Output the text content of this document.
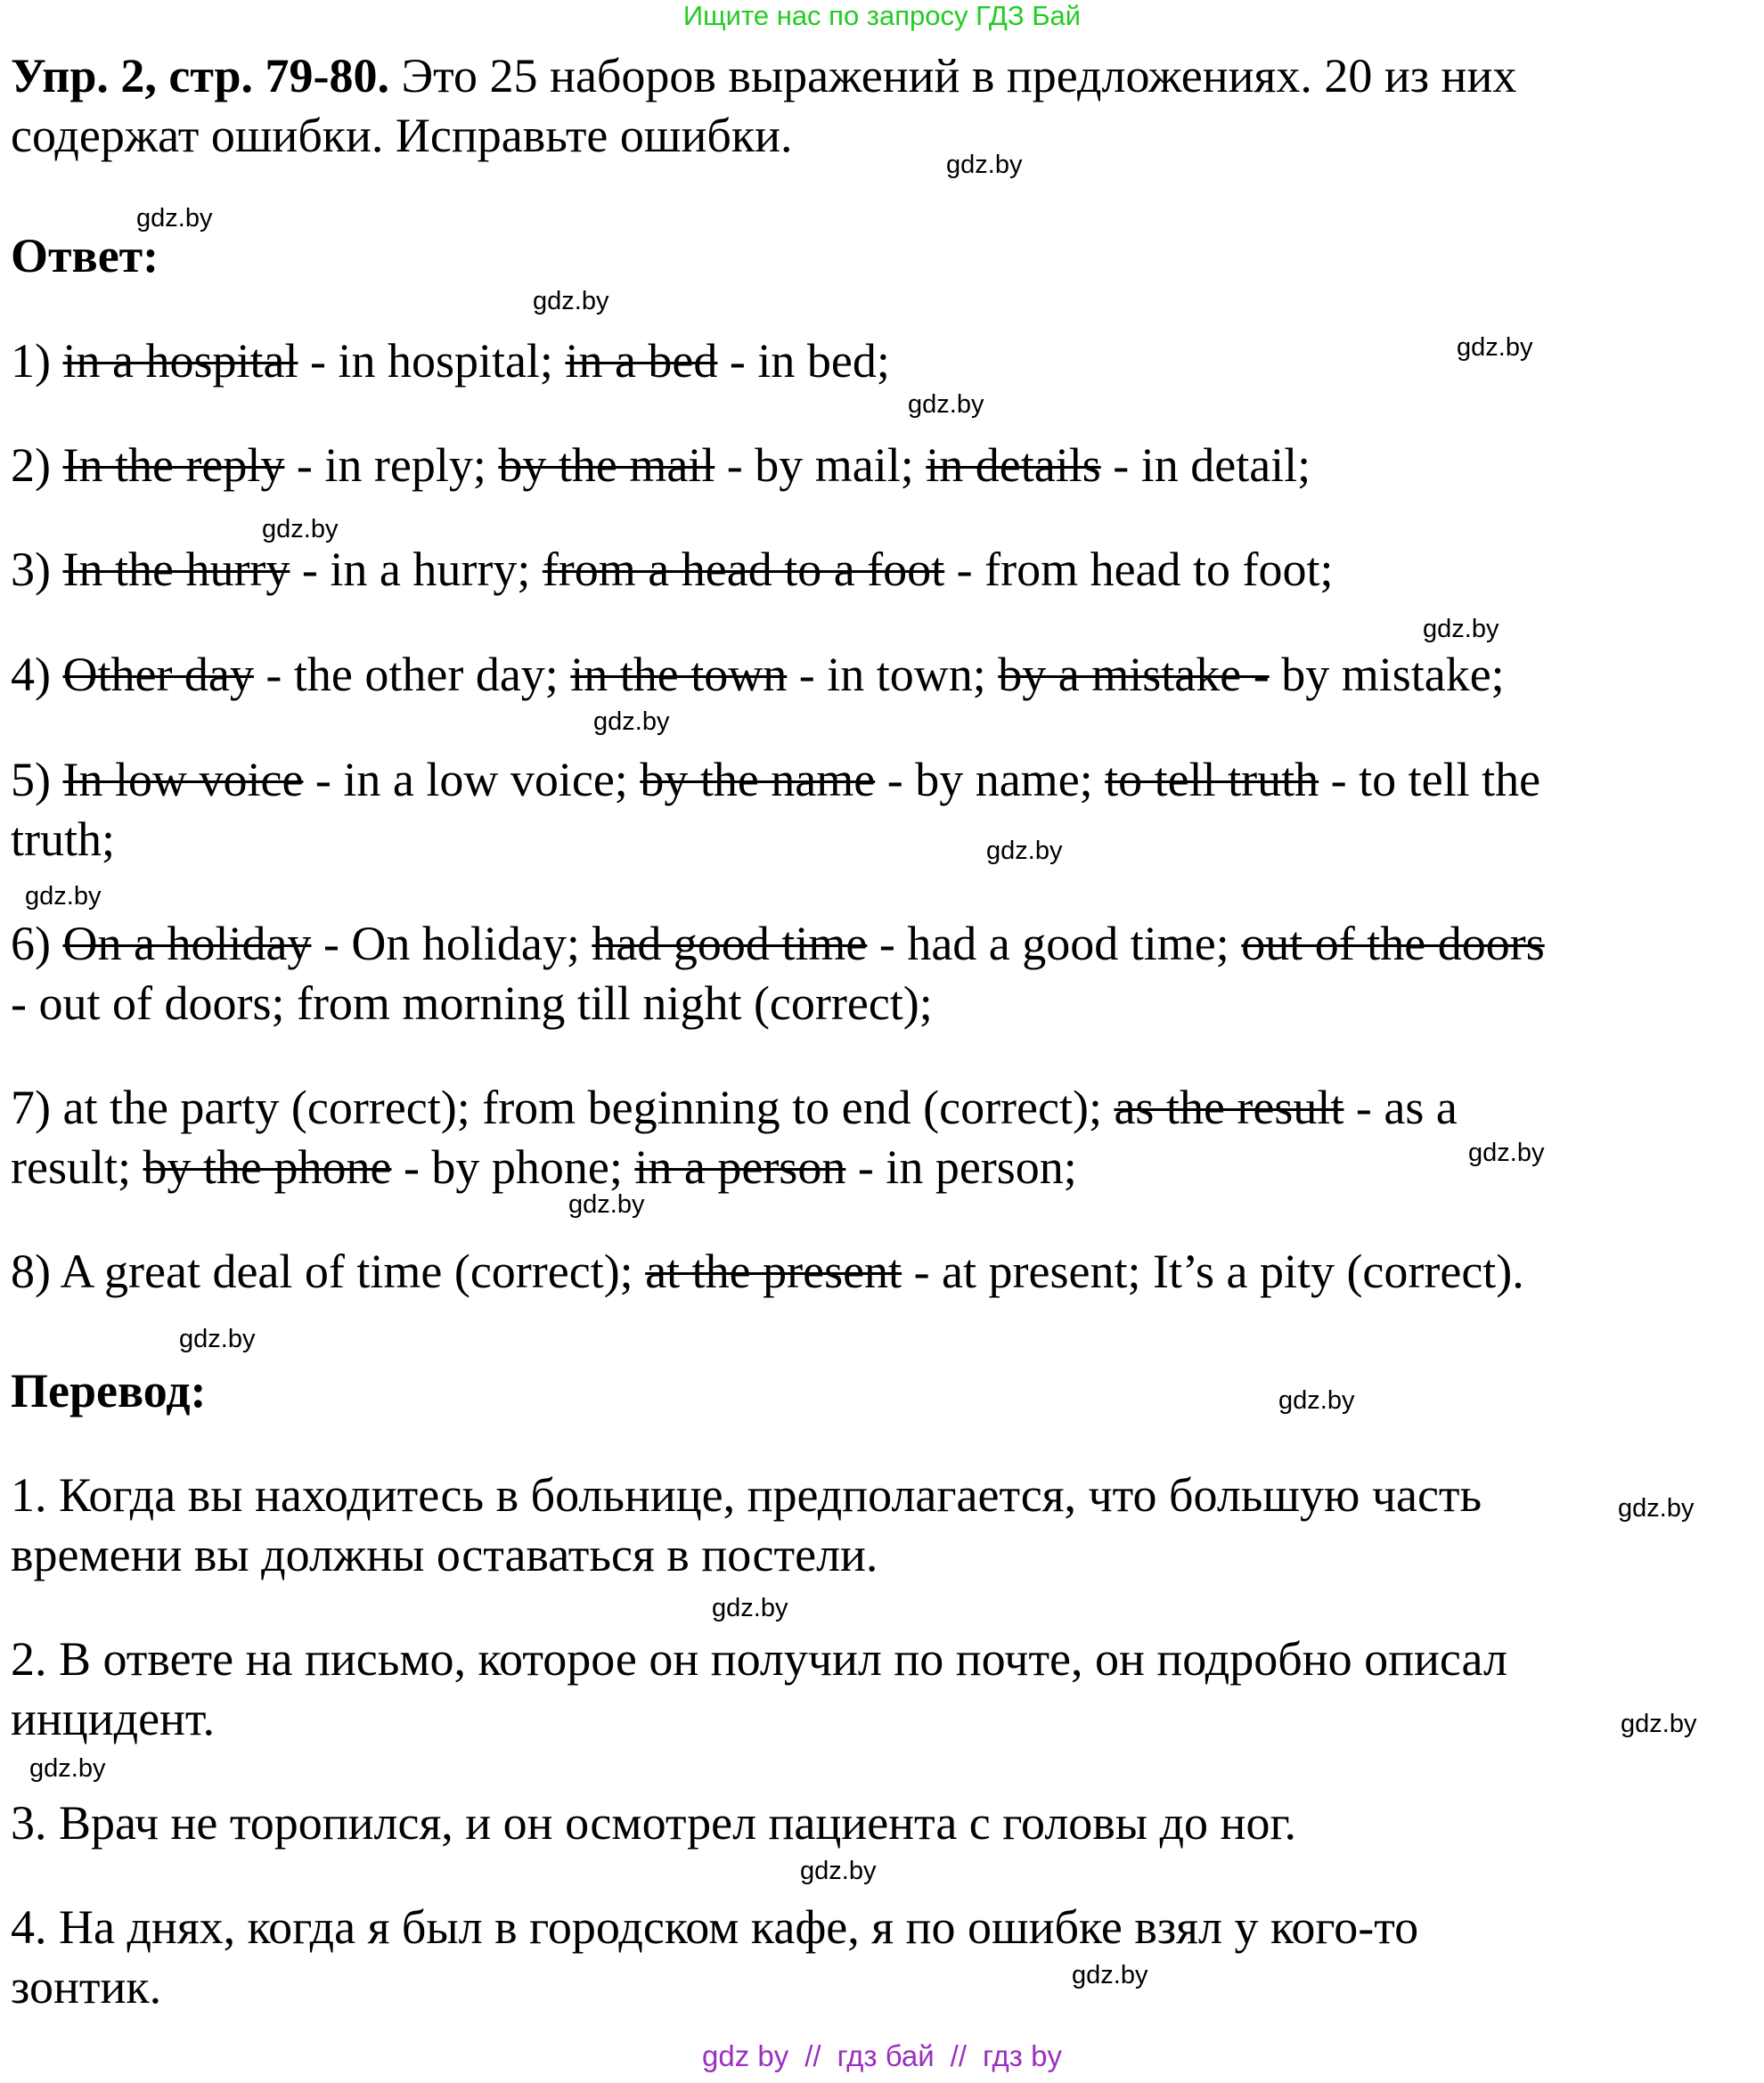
Ищите нас по запросу ГДЗ Бай
Упр. 2, стр. 79-80. Это 25 наборов выражений в предложениях. 20 из них
содержат ошибки. Исправьте ошибки.
Ответ:
1) in a hospital - in hospital; in a bed - in bed;
2) In the reply - in reply; by the mail - by mail; in details - in detail;
3) In the hurry - in a hurry; from a head to a foot - from head to foot;
4) Other day - the other day; in the town - in town; by a mistake - by mistake;
5) In low voice - in a low voice; by the name - by name; to tell truth - to tell the
truth;
6) On a holiday - On holiday; had good time - had a good time; out of the doors
- out of doors; from morning till night (correct);
7) at the party (correct); from beginning to end (correct); as the result - as a
result; by the phone - by phone; in a person - in person;
8) A great deal of time (correct); at the present - at present; It’s a pity (correct).
Перевод:
1. Когда вы находитесь в больнице, предполагается, что большую часть
времени вы должны оставаться в постели.
2. В ответе на письмо, которое он получил по почте, он подробно описал
инцидент.
3. Врач не торопился, и он осмотрел пациента с головы до ног.
4. На днях, когда я был в городском кафе, я по ошибке взял у кого-то
зонтик.
gdz.by
gdz.by
gdz.by
gdz.by
gdz.by
gdz.by
gdz.by
gdz.by
gdz.by
gdz.by
gdz.by
gdz.by
gdz.by
gdz.by
gdz.by
gdz.by
gdz.by
gdz.by
gdz.by
gdz.by
gdz by // гдз бай // гдз by
